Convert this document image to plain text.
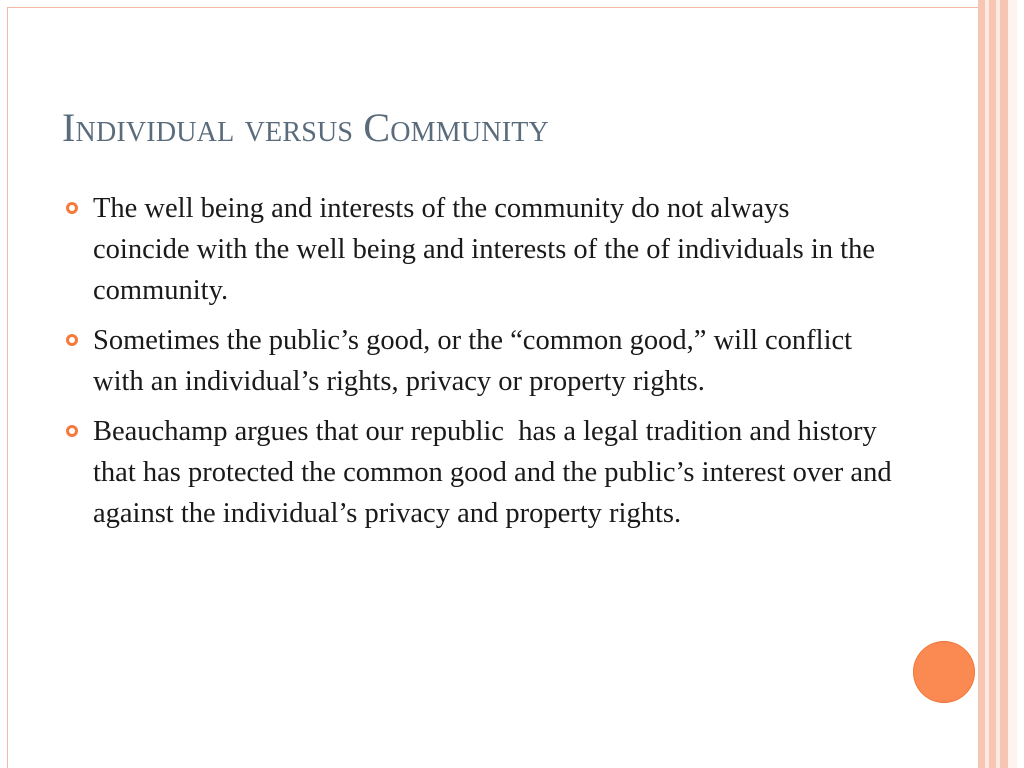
Individual versus Community
The well being and interests of the community do not always coincide with the well being and interests of the of individuals in the community.
Sometimes the public’s good, or the “common good,” will conflict with an individual’s rights, privacy or property rights.
Beauchamp argues that our republic  has a legal tradition and history that has protected the common good and the public’s interest over and against the individual’s privacy and property rights.
